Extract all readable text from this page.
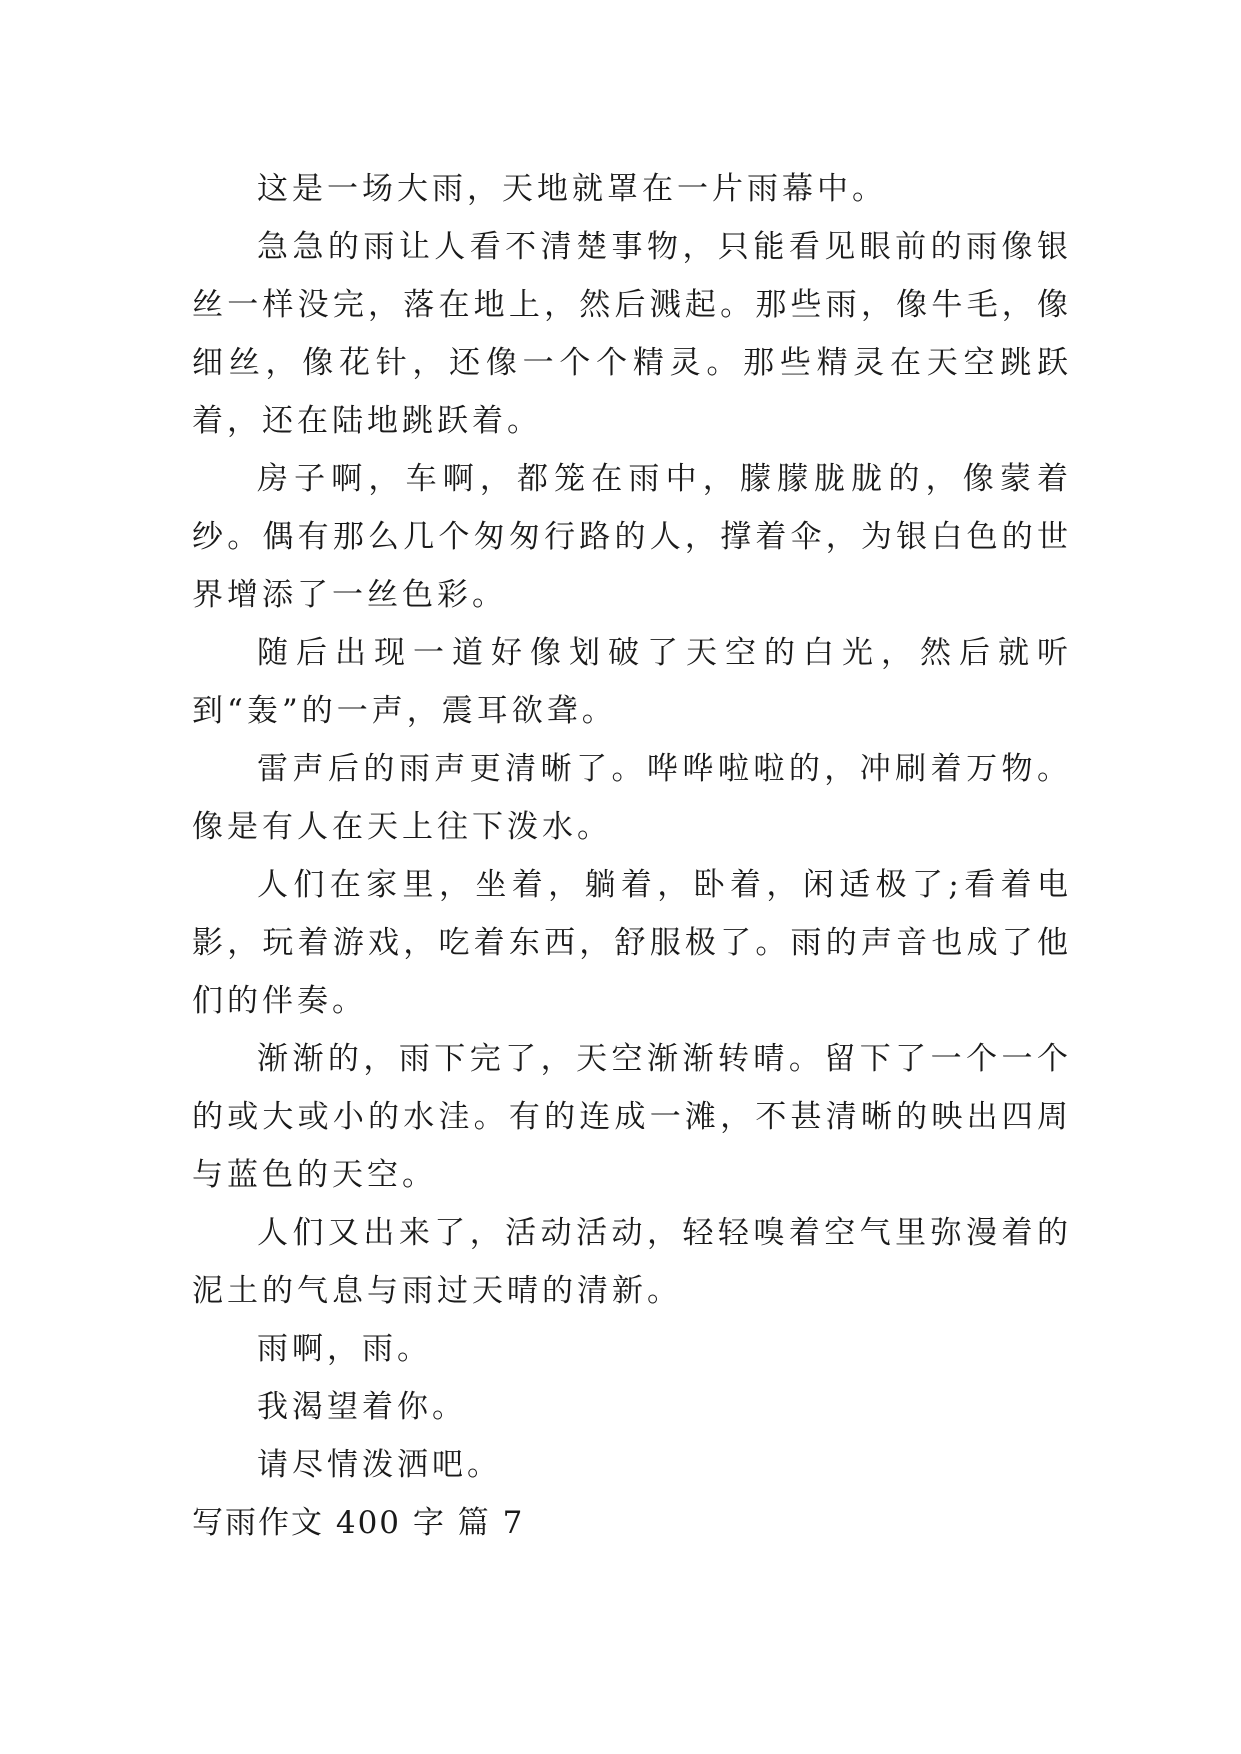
这是一场大雨，天地就罩在一片雨幕中。

急急的雨让人看不清楚事物，只能看见眼前的雨像银丝一样没完，落在地上，然后溅起。那些雨，像牛毛，像细丝，像花针，还像一个个精灵。那些精灵在天空跳跃着，还在陆地跳跃着。

房子啊，车啊，都笼在雨中，朦朦胧胧的，像蒙着纱。偶有那么几个匆匆行路的人，撑着伞，为银白色的世界增添了一丝色彩。

随后出现一道好像划破了天空的白光，然后就听到“轰”的一声，震耳欲聋。

雷声后的雨声更清晰了。哗哗啦啦的，冲刷着万物。像是有人在天上往下泼水。

人们在家里，坐着，躺着，卧着，闲适极了;看着电影，玩着游戏，吃着东西，舒服极了。雨的声音也成了他们的伴奏。

渐渐的，雨下完了，天空渐渐转晴。留下了一个一个的或大或小的水洼。有的连成一滩，不甚清晰的映出四周与蓝色的天空。

人们又出来了，活动活动，轻轻嗅着空气里弥漫着的泥土的气息与雨过天晴的清新。

雨啊，雨。

我渴望着你。

请尽情泼洒吧。

写雨作文 400 字 篇 7
